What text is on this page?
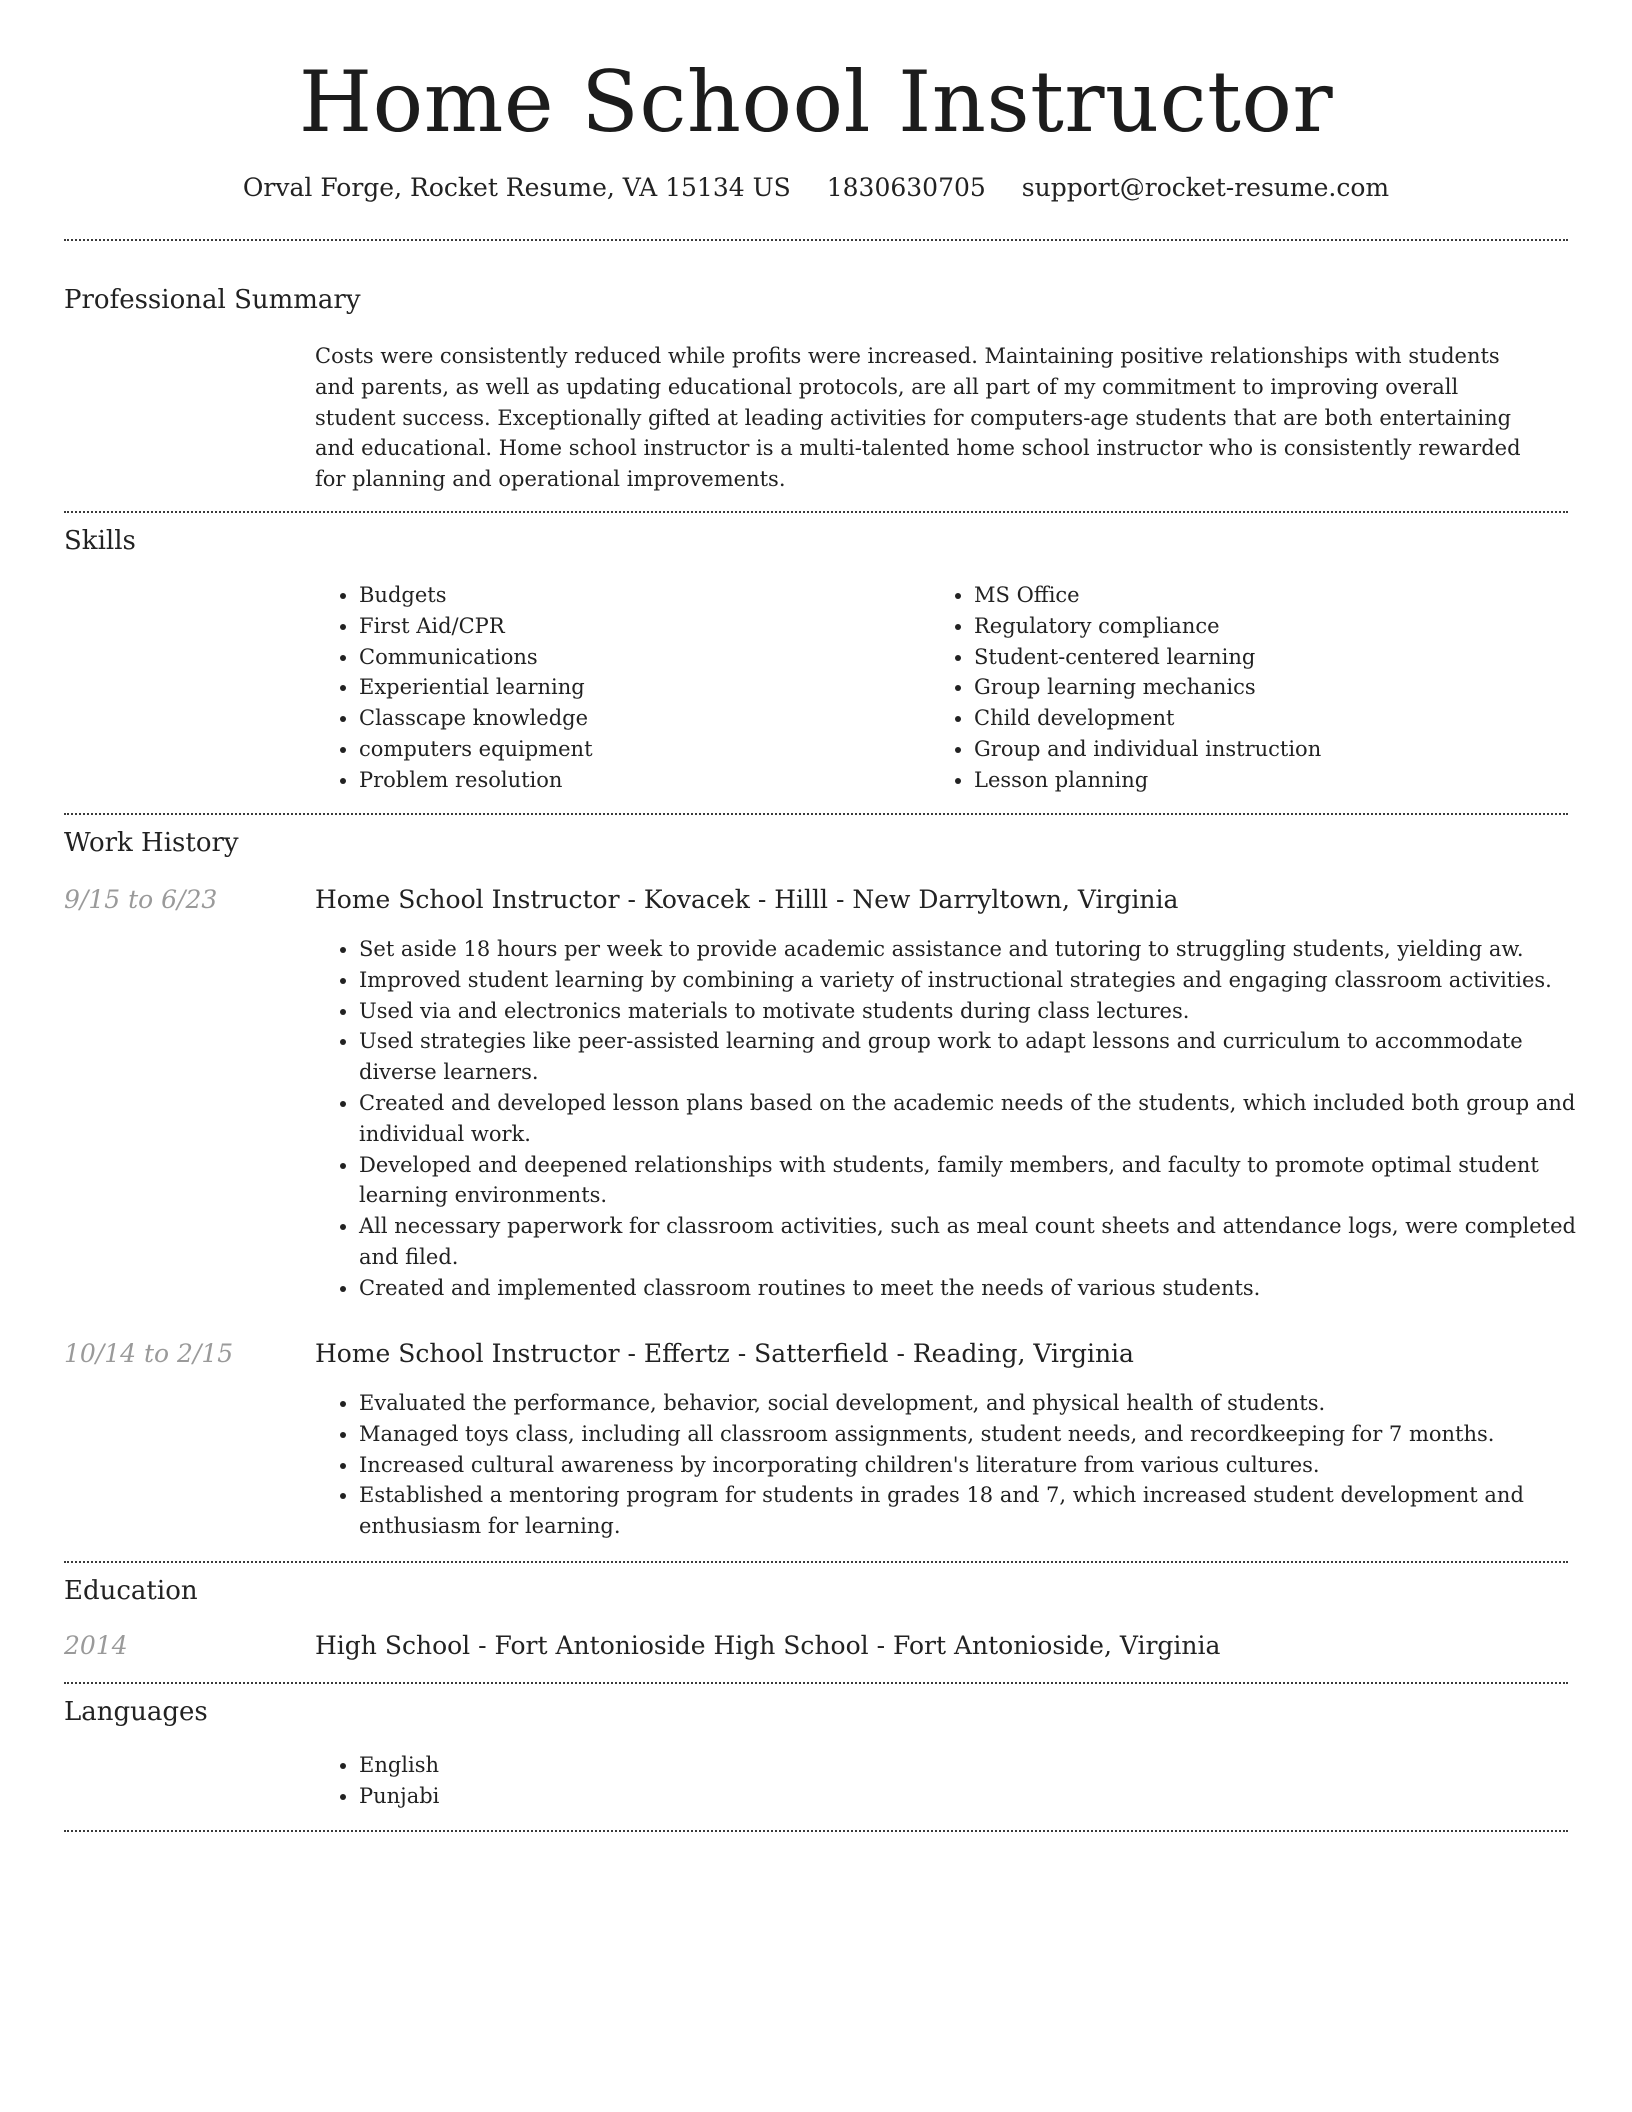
Home School Instructor
Orval Forge, Rocket Resume, VA 15134 US 1830630705 support@rocket-resume.com
Professional Summary

Costs were consistently reduced while profits were increased. Maintaining positive relationships with students and parents, as well as updating educational protocols, are all part of my commitment to improving overall student success. Exceptionally gifted at leading activities for computers-age students that are both entertaining and educational. Home school instructor is a multi-talented home school instructor who is consistently rewarded for planning and operational improvements.

Skills
• Budgets
• First Aid/CPR
• Communications
• Experiential learning
• Classcape knowledge
• computers equipment
• Problem resolution
• MS Office
• Regulatory compliance
• Student-centered learning
• Group learning mechanics
• Child development
• Group and individual instruction
• Lesson planning
Work History
9/15 to 6/23	Home School Instructor - Kovacek - Hilll - New Darryltown, Virginia
• Set aside 18 hours per week to provide academic assistance and tutoring to struggling students, yielding aw.
• Improved student learning by combining a variety of instructional strategies and engaging classroom activities.
• Used via and electronics materials to motivate students during class lectures.
• Used strategies like peer-assisted learning and group work to adapt lessons and curriculum to accommodate diverse learners.
• Created and developed lesson plans based on the academic needs of the students, which included both group and individual work.
• Developed and deepened relationships with students, family members, and faculty to promote optimal student learning environments.
• All necessary paperwork for classroom activities, such as meal count sheets and attendance logs, were completed and filed.
• Created and implemented classroom routines to meet the needs of various students.
10/14 to 2/15	Home School Instructor - Effertz - Satterfield - Reading, Virginia
• Evaluated the performance, behavior, social development, and physical health of students.
• Managed toys class, including all classroom assignments, student needs, and recordkeeping for 7 months.
• Increased cultural awareness by incorporating children's literature from various cultures.
• Established a mentoring program for students in grades 18 and 7, which increased student development and enthusiasm for learning.
Education
2014	High School - Fort Antonioside High School - Fort Antonioside, Virginia
Languages
• English
• Punjabi
